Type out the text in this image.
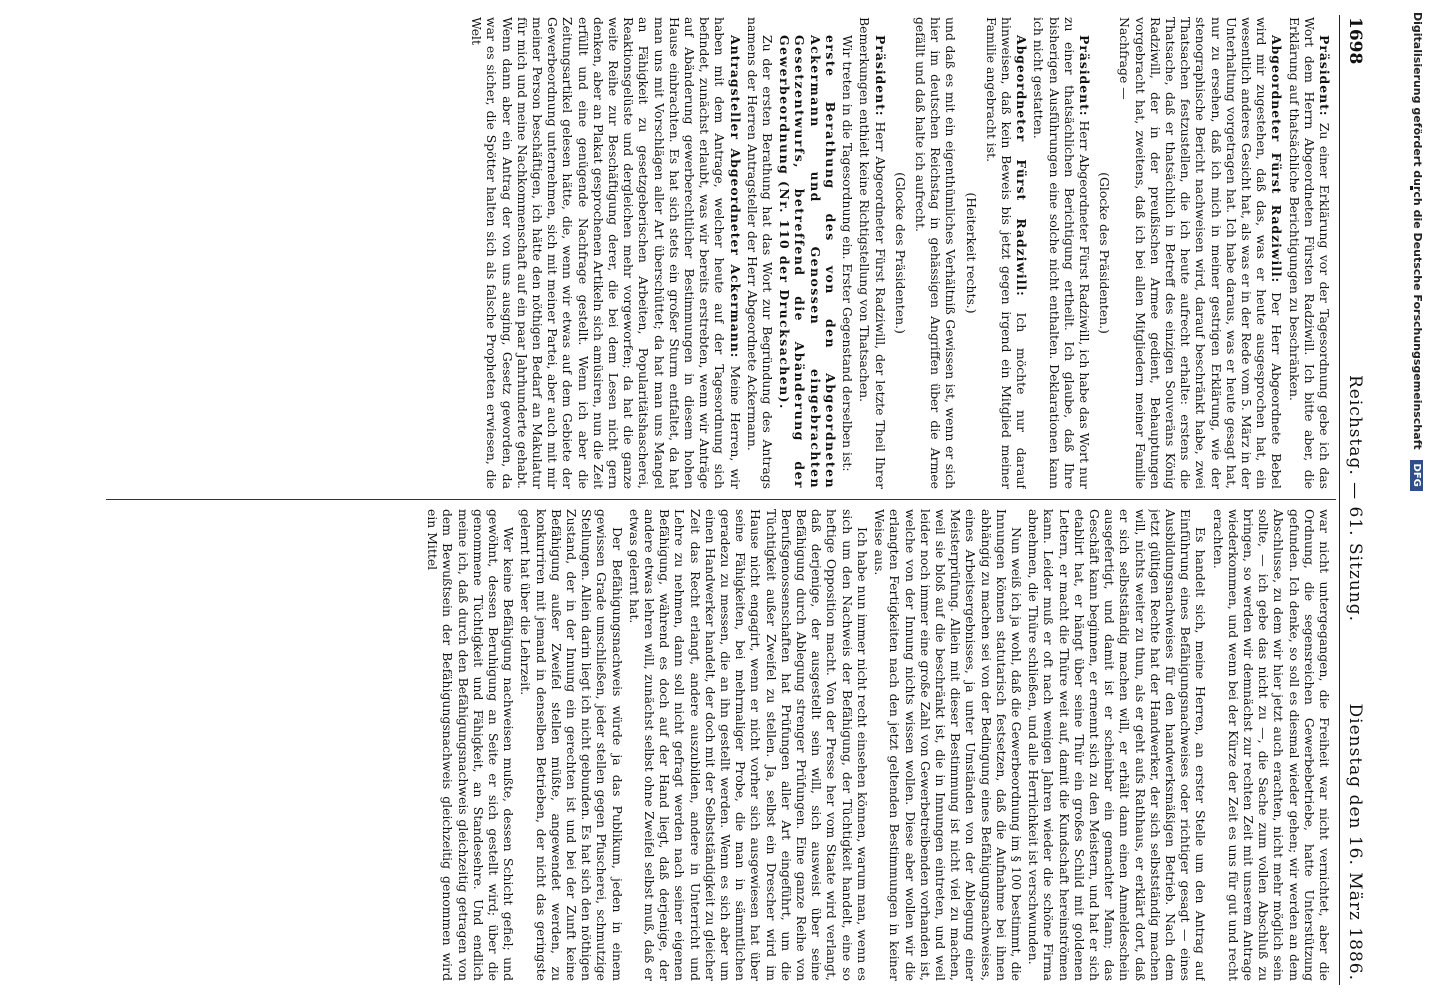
1698
Reichstag. — 61. Sitzung.
Dienstag den 16. März 1886.

Präsident: Zu einer Erklärung vor der Tagesordnung gebe ich das Wort dem Herrn Abgeordneten Fürsten Radziwill. Ich bitte aber, die Erklärung auf thatsächliche Berichtigungen zu beschränken.

Abgeordneter Fürst Radziwill: Der Herr Abgeordnete Bebel wird mir zugestehen, daß das, was er heute ausgesprochen hat, ein wesentlich anderes Gesicht hat, als was er in der Rede vom 5. März in der Unterhaltung vorgetragen hat. Ich habe daraus, was er heute gesagt hat, nur zu ersehen, daß ich mich in meiner gestrigen Erklärung, wie der stenographische Bericht nachweisen wird, darauf beschränkt habe, zwei Thatsachen festzustellen, die ich heute aufrecht erhalte: erstens die Thatsache, daß er thatsächlich in Betreff des einzigen Souveräns König Radziwill, der in der preußischen Armee gedient, Behauptungen vorgebracht hat, zweitens, daß ich bei allen Mitgliedern meiner Familie Nachfrage —

(Glocke des Präsidenten.)

Präsident: Herr Abgeordneter Fürst Radziwill, ich habe das Wort nur zu einer thatsächlichen Berichtigung ertheilt. Ich glaube, daß Ihre bisherigen Ausführungen eine solche nicht enthalten. Deklarationen kann ich nicht gestatten.

Abgeordneter Fürst Radziwill: Ich möchte nur darauf hinweisen, daß kein Beweis bis jetzt gegen irgend ein Mitglied meiner Familie angebracht ist.

(Heiterkeit rechts.)

und daß es mit ein eigenthümliches Verhältniß Gewissen ist, wenn er sich hier im deutschen Reichstag in gehässigen Angriffen über die Armee gefällt und daß halte ich aufrecht.

(Glocke des Präsidenten.)

Präsident: Herr Abgeordneter Fürst Radziwill, der letzte Theil Ihrer Bemerkungen enthielt keine Richtigstellung von Thatsachen.

Wir treten in die Tagesordnung ein. Erster Gegenstand derselben ist:

erste Berathung des von den Abgeordneten Ackermann und Genossen eingebrachten Gesetzentwurfs, betreffend die Abänderung der Gewerbeordnung (Nr. 110 der Drucksachen).

Zu der ersten Berathung hat das Wort zur Begründung des Antrags namens der Herren Antragsteller der Herr Abgeordnete Ackermann.

Antragsteller Abgeordneter Ackermann: Meine Herren, wir haben mit dem Antrage, welcher heute auf der Tagesordnung sich befindet, zunächst erlaubt, was wir bereits erstrebten, wenn wir Anträge auf Abänderung gewerberechtlicher Bestimmungen in diesem hohen Hause einbrachten. Es hat sich stets ein großer Sturm entfaltet, da hat man uns mit Vorschlägen aller Art überschüttet; da hat man uns Mangel an Fähigkeit zu gesetzgeberischen Arbeiten, Popularitätshascherei, Reaktionsgelüste und dergleichen mehr vorgeworfen; da hat die ganze weite Reihe zur Beschäftigung derer, die bei dem Lesen nicht gern denken, aber an Plakat gesprochenen Artikeln sich amüsiren, nun die Zeit erfüllt und eine genügende Nachfrage gestellt. Wenn ich aber die Zeitungsartikel gelesen hätte, die, wenn wir etwas auf dem Gebiete der Gewerbeordnung unternehmen, sich mit meiner Partei, aber auch mit mir meiner Person beschäftigen, ich hätte den nöthigen Bedarf an Makulatur für mich und meine Nachkommenschaft auf ein paar Jahrhunderte gehabt. Wenn dann aber ein Antrag der von uns ausging, Gesetz geworden, da war es sicher, die Spötter halten sich als falsche Propheten erwiesen, die Welt

war nicht untergegangen, die Freiheit war nicht vernichtet, aber die Ordnung, die segensreichen Gewerbebetriebe, hatte Unterstützung gefunden. Ich denke, so soll es diesmal wieder gehen; wir werden an dem Abschlusse, zu dem wir hier jetzt auch erachten, nicht mehr möglich sein sollte, — ich gebe das nicht zu —, die Sache zum vollen Abschluß zu bringen, so werden wir demnächst zur rechten Zeit mit unserem Antrage wiederkommen, und wenn bei der Kürze der Zeit es uns für gut und recht erachten.

Es handelt sich, meine Herren, an erster Stelle um den Antrag auf Einführung eines Befähigungsnachweises oder richtiger gesagt — eines Ausbildungsnachweises für den handwerksmäßigen Betrieb. Nach dem jetzt gültigen Rechte hat der Handwerker, der sich selbstständig machen will, nichts weiter zu thun, als er geht aufs Rathhaus, er erklärt dort, daß er sich selbstständig machen will, er erhält dann einen Anmeldeschein ausgefertigt, und damit ist er scheinbar ein gemachter Mann; das Geschäft kann beginnen, er ernennt sich zu den Meistern, und hat er sich etablirt hat, er hängt über seine Thür ein großes Schild mit goldenen Lettern, er macht die Thüre weit auf, damit die Kundschaft hereinströmen kann. Leider muß er oft nach wenigen Jahren wieder die schöne Firma abnehmen, die Thüre schließen, und alle Herrlichkeit ist verschwunden.

Nun weiß ich ja wohl, daß die Gewerbeordnung im § 100 bestimmt, die Innungen können statutarisch festsetzen, daß die Aufnahme bei ihnen abhängig zu machen sei von der Bedingung eines Befähigungsnachweises, eines Arbeitsergebnisses, ja unter Umständen von der Ablegung einer Meisterprüfung. Allein mit dieser Bestimmung ist nicht viel zu machen, weil sie bloß auf die beschränkt ist, die in Innungen eintreten, und weil leider noch immer eine große Zahl von Gewerbetreibenden vorhanden ist, welche von der Innung nichts wissen wollen. Diese aber wollen wir die erlangten Fertigkeiten nach den jetzt geltenden Bestimmungen in keiner Weise aus.

Ich habe nun immer nicht recht einsehen können, warum man, wenn es sich um den Nachweis der Befähigung, der Tüchtigkeit handelt, eine so heftige Opposition macht. Von der Presse her vom Staate wird verlangt, daß derjenige, der ausgestellt sein will, sich ausweist über seine Befähigung durch Ablegung strenger Prüfungen. Eine ganze Reihe von Berufsgenossenschaften hat Prüfungen aller Art eingeführt, um die Tüchtigkeit außer Zweifel zu stellen. Ja, selbst ein Drescher wird im Hause nicht engagirt, wenn er nicht vorher sich ausgewiesen hat über seine Fähigkeiten, bei mehrmaliger Probe, die man in sämmtlichen geradezu zu messen, die an ihn gestellt werden. Wenn es sich aber um einen Handwerker handelt, der doch mit der Selbstständigkeit zu gleicher Zeit das Recht erlangt, andere auszubilden, andere in Unterricht und Lehre zu nehmen, dann soll nicht gefragt werden nach seiner eigenen Befähigung, während es doch auf der Hand liegt, daß derjenige, der andere etwas lehren will, zunächst selbst ohne Zweifel selbst muß, daß er etwas gelernt hat.

Der Befähigungsnachweis würde ja das Publikum, jeden in einem gewissen Grade umschließen, jeder stellen gegen Pfuscherei, schmutzige Stellungen. Allein darin liegt ich nicht gebunden. Es hat sich den nöthigen Zustand, der in der Innung ein gerechten ist und bei der Zunft keine Befähigung außer Zweifel stellen müßte, angewendet werden, zu konkurriren mit jemand in denselben Betrieben, der nicht das geringste gelernt hat über die Lehrzeit.

Wer keine Befähigung nachweisen mußte, dessen Schicht gefiel; und gewöhnt, dessen Beruhigung an Seite er sich gestellt wird; über die genommene Tüchtigkeit und Fähigkeit, an Standesehre. Und endlich meine ich, daß durch den Befähigungsnachweis gleichzeitig getragen von dem Bewußtsein der Befähigungsnachweis gleichzeitig genommen wird ein Mittel

Digitalisierung gefördert durch die Deutsche Forschungsgemeinschaft DFG
